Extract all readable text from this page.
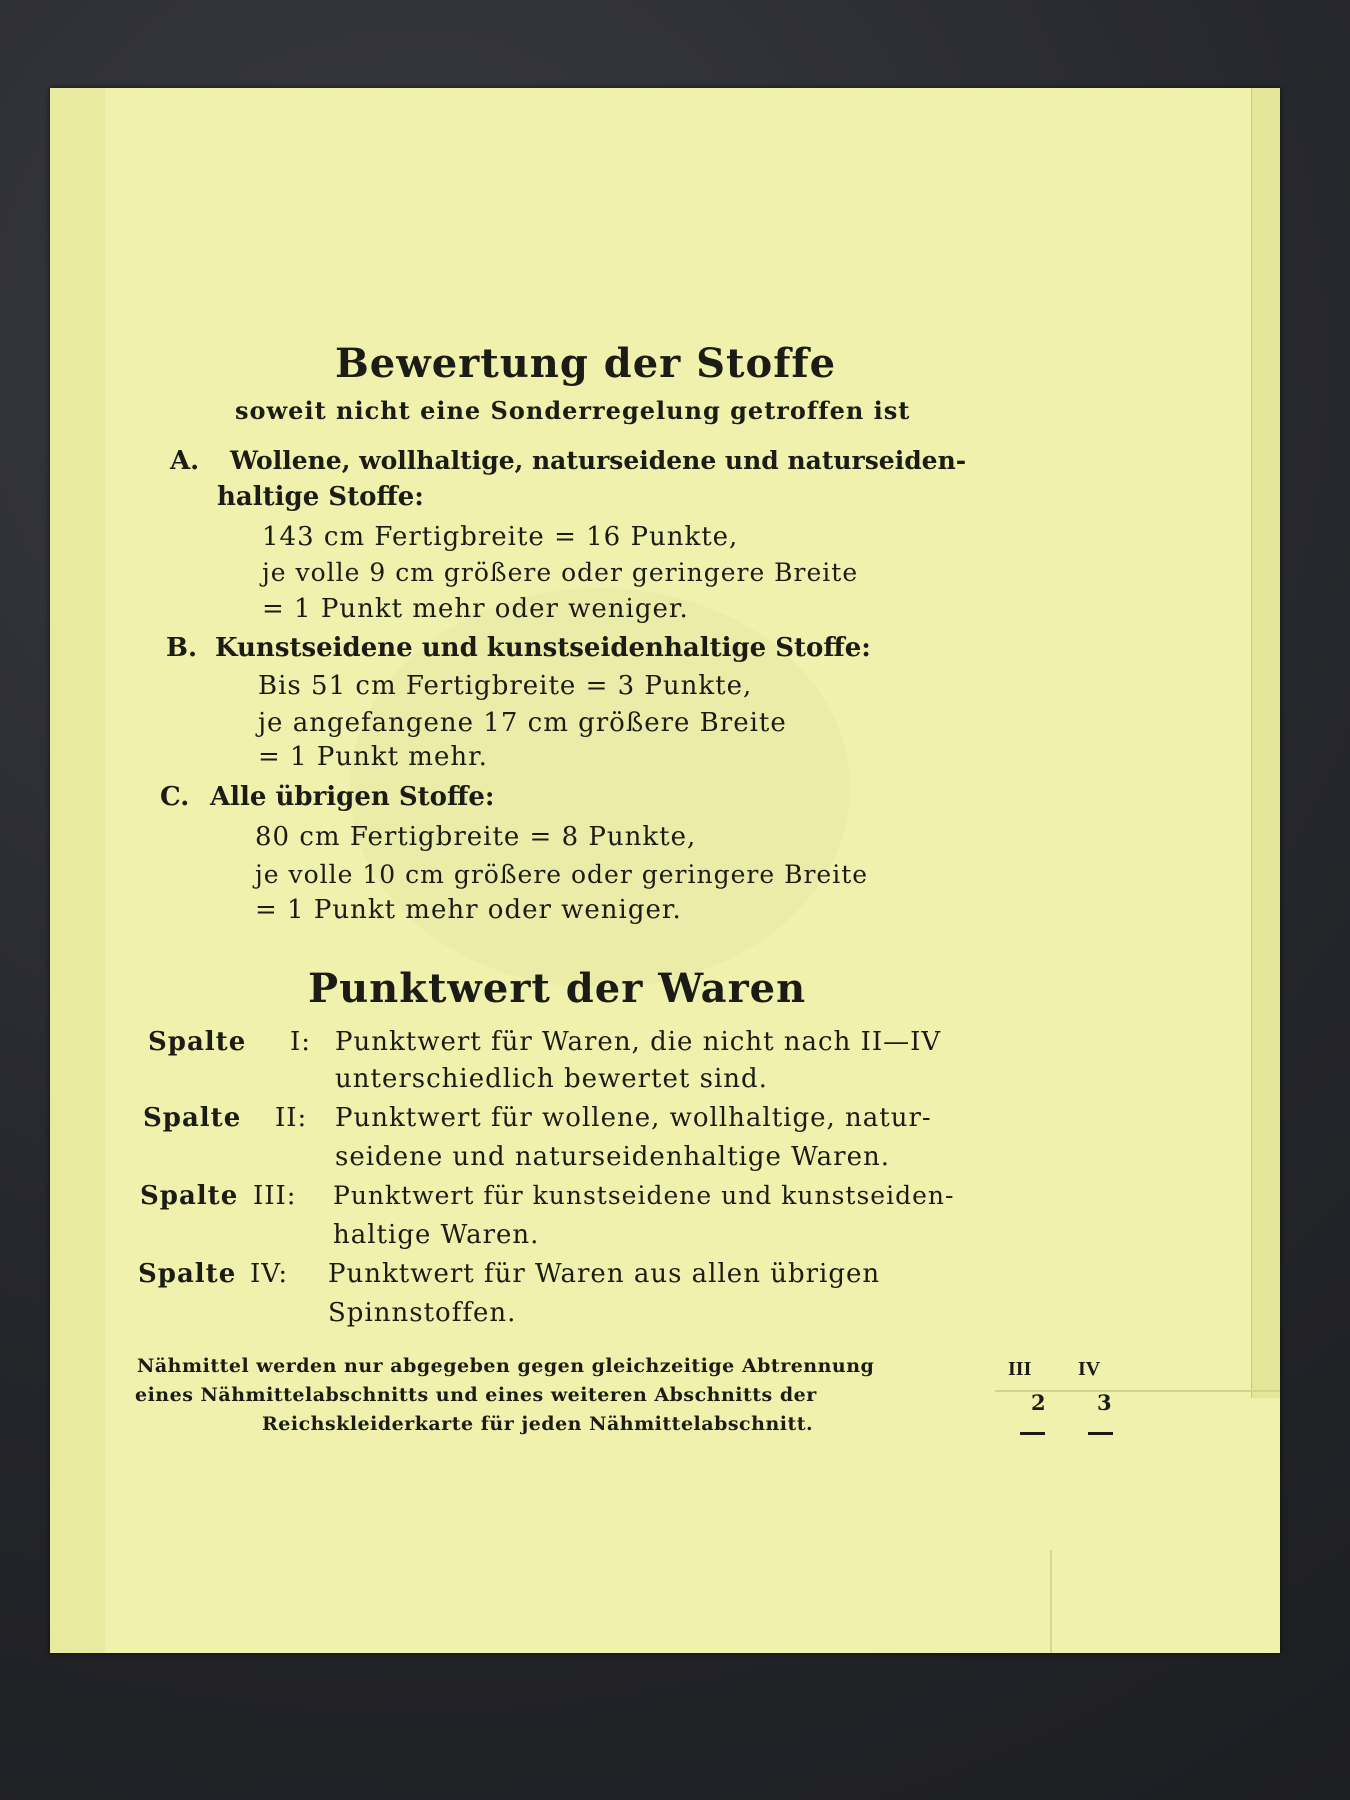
Bewertung der Stoffe
soweit nicht eine Sonderregelung getroffen ist
A. Wollene, wollhaltige, naturseidene und naturseiden-
haltige Stoffe:
143 cm Fertigbreite = 16 Punkte,
je volle 9 cm größere oder geringere Breite
= 1 Punkt mehr oder weniger.
B. Kunstseidene und kunstseidenhaltige Stoffe:
Bis 51 cm Fertigbreite = 3 Punkte,
je angefangene 17 cm größere Breite
= 1 Punkt mehr.
C. Alle übrigen Stoffe:
80 cm Fertigbreite = 8 Punkte,
je volle 10 cm größere oder geringere Breite
= 1 Punkt mehr oder weniger.
Punktwert der Waren
Spalte I: Punktwert für Waren, die nicht nach II—IV
unterschiedlich bewertet sind.
Spalte II: Punktwert für wollene, wollhaltige, natur-
seidene und naturseidenhaltige Waren.
Spalte III: Punktwert für kunstseidene und kunstseiden-
haltige Waren.
Spalte IV: Punktwert für Waren aus allen übrigen
Spinnstoffen.
Nähmittel werden nur abgegeben gegen gleichzeitige Abtrennung
eines Nähmittelabschnitts und eines weiteren Abschnitts der
Reichskleiderkarte für jeden Nähmittelabschnitt.
III IV
2 3
